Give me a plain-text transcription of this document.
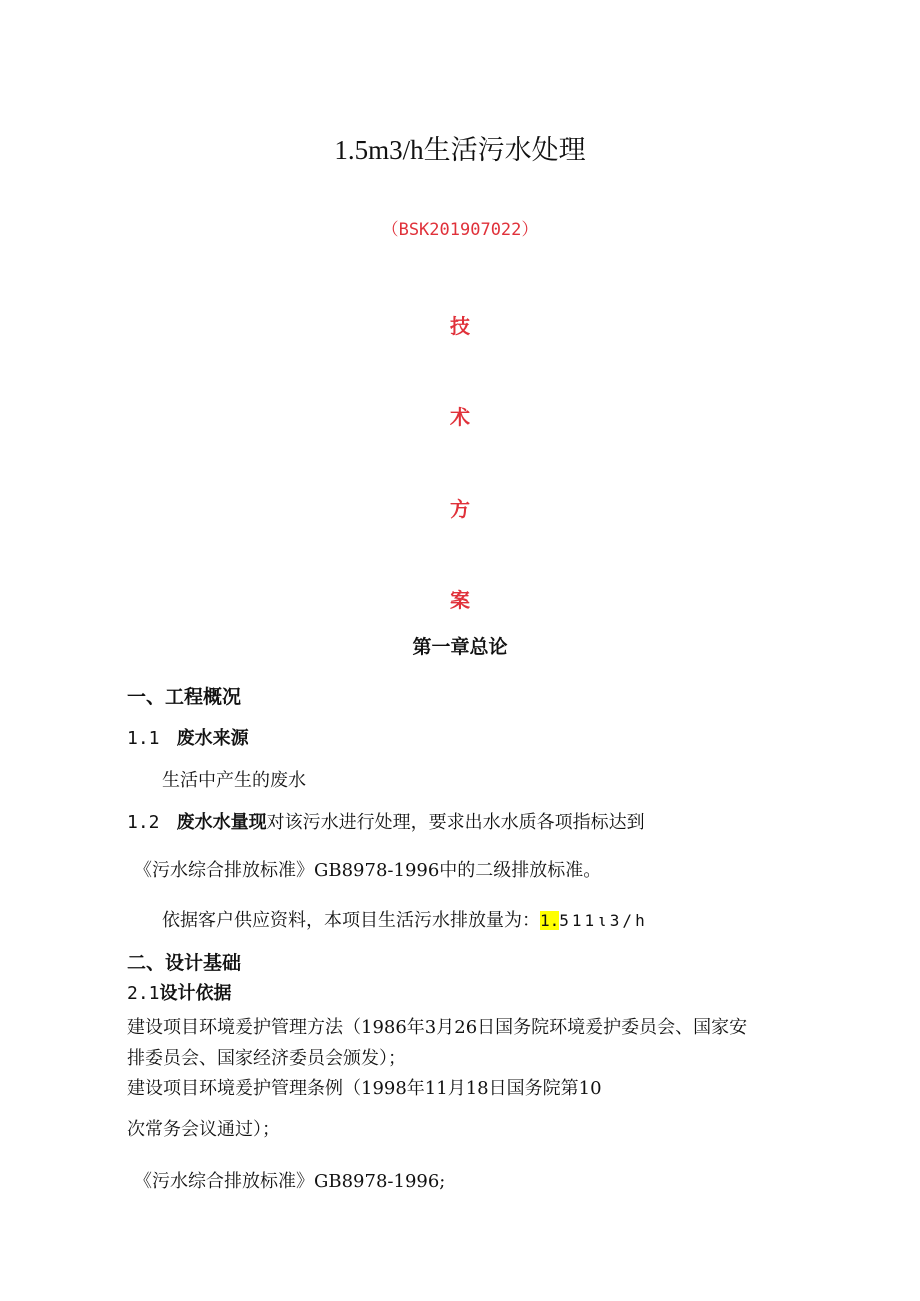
1.5m3/h生活污水处理
（BSK201907022）
技
术
方
案
第一章总论
一、工程概况
1.1 废水来源
生活中产生的废水
1.2 废水水量现对该污水进行处理，要求出水水质各项指标达到
《污水综合排放标准》GB8978-1996中的二级排放标准。
依据客户供应资料，本项目生活污水排放量为：1.511ι3/h
二、设计基础
2.1设计依据
建设项目环境爰护管理方法（1986年3月26日国务院环境爰护委员会、国家安
排委员会、国家经济委员会颁发）；
建设项目环境爰护管理条例（1998年11月18日国务院第10
次常务会议通过）；
《污水综合排放标准》GB8978-1996;
